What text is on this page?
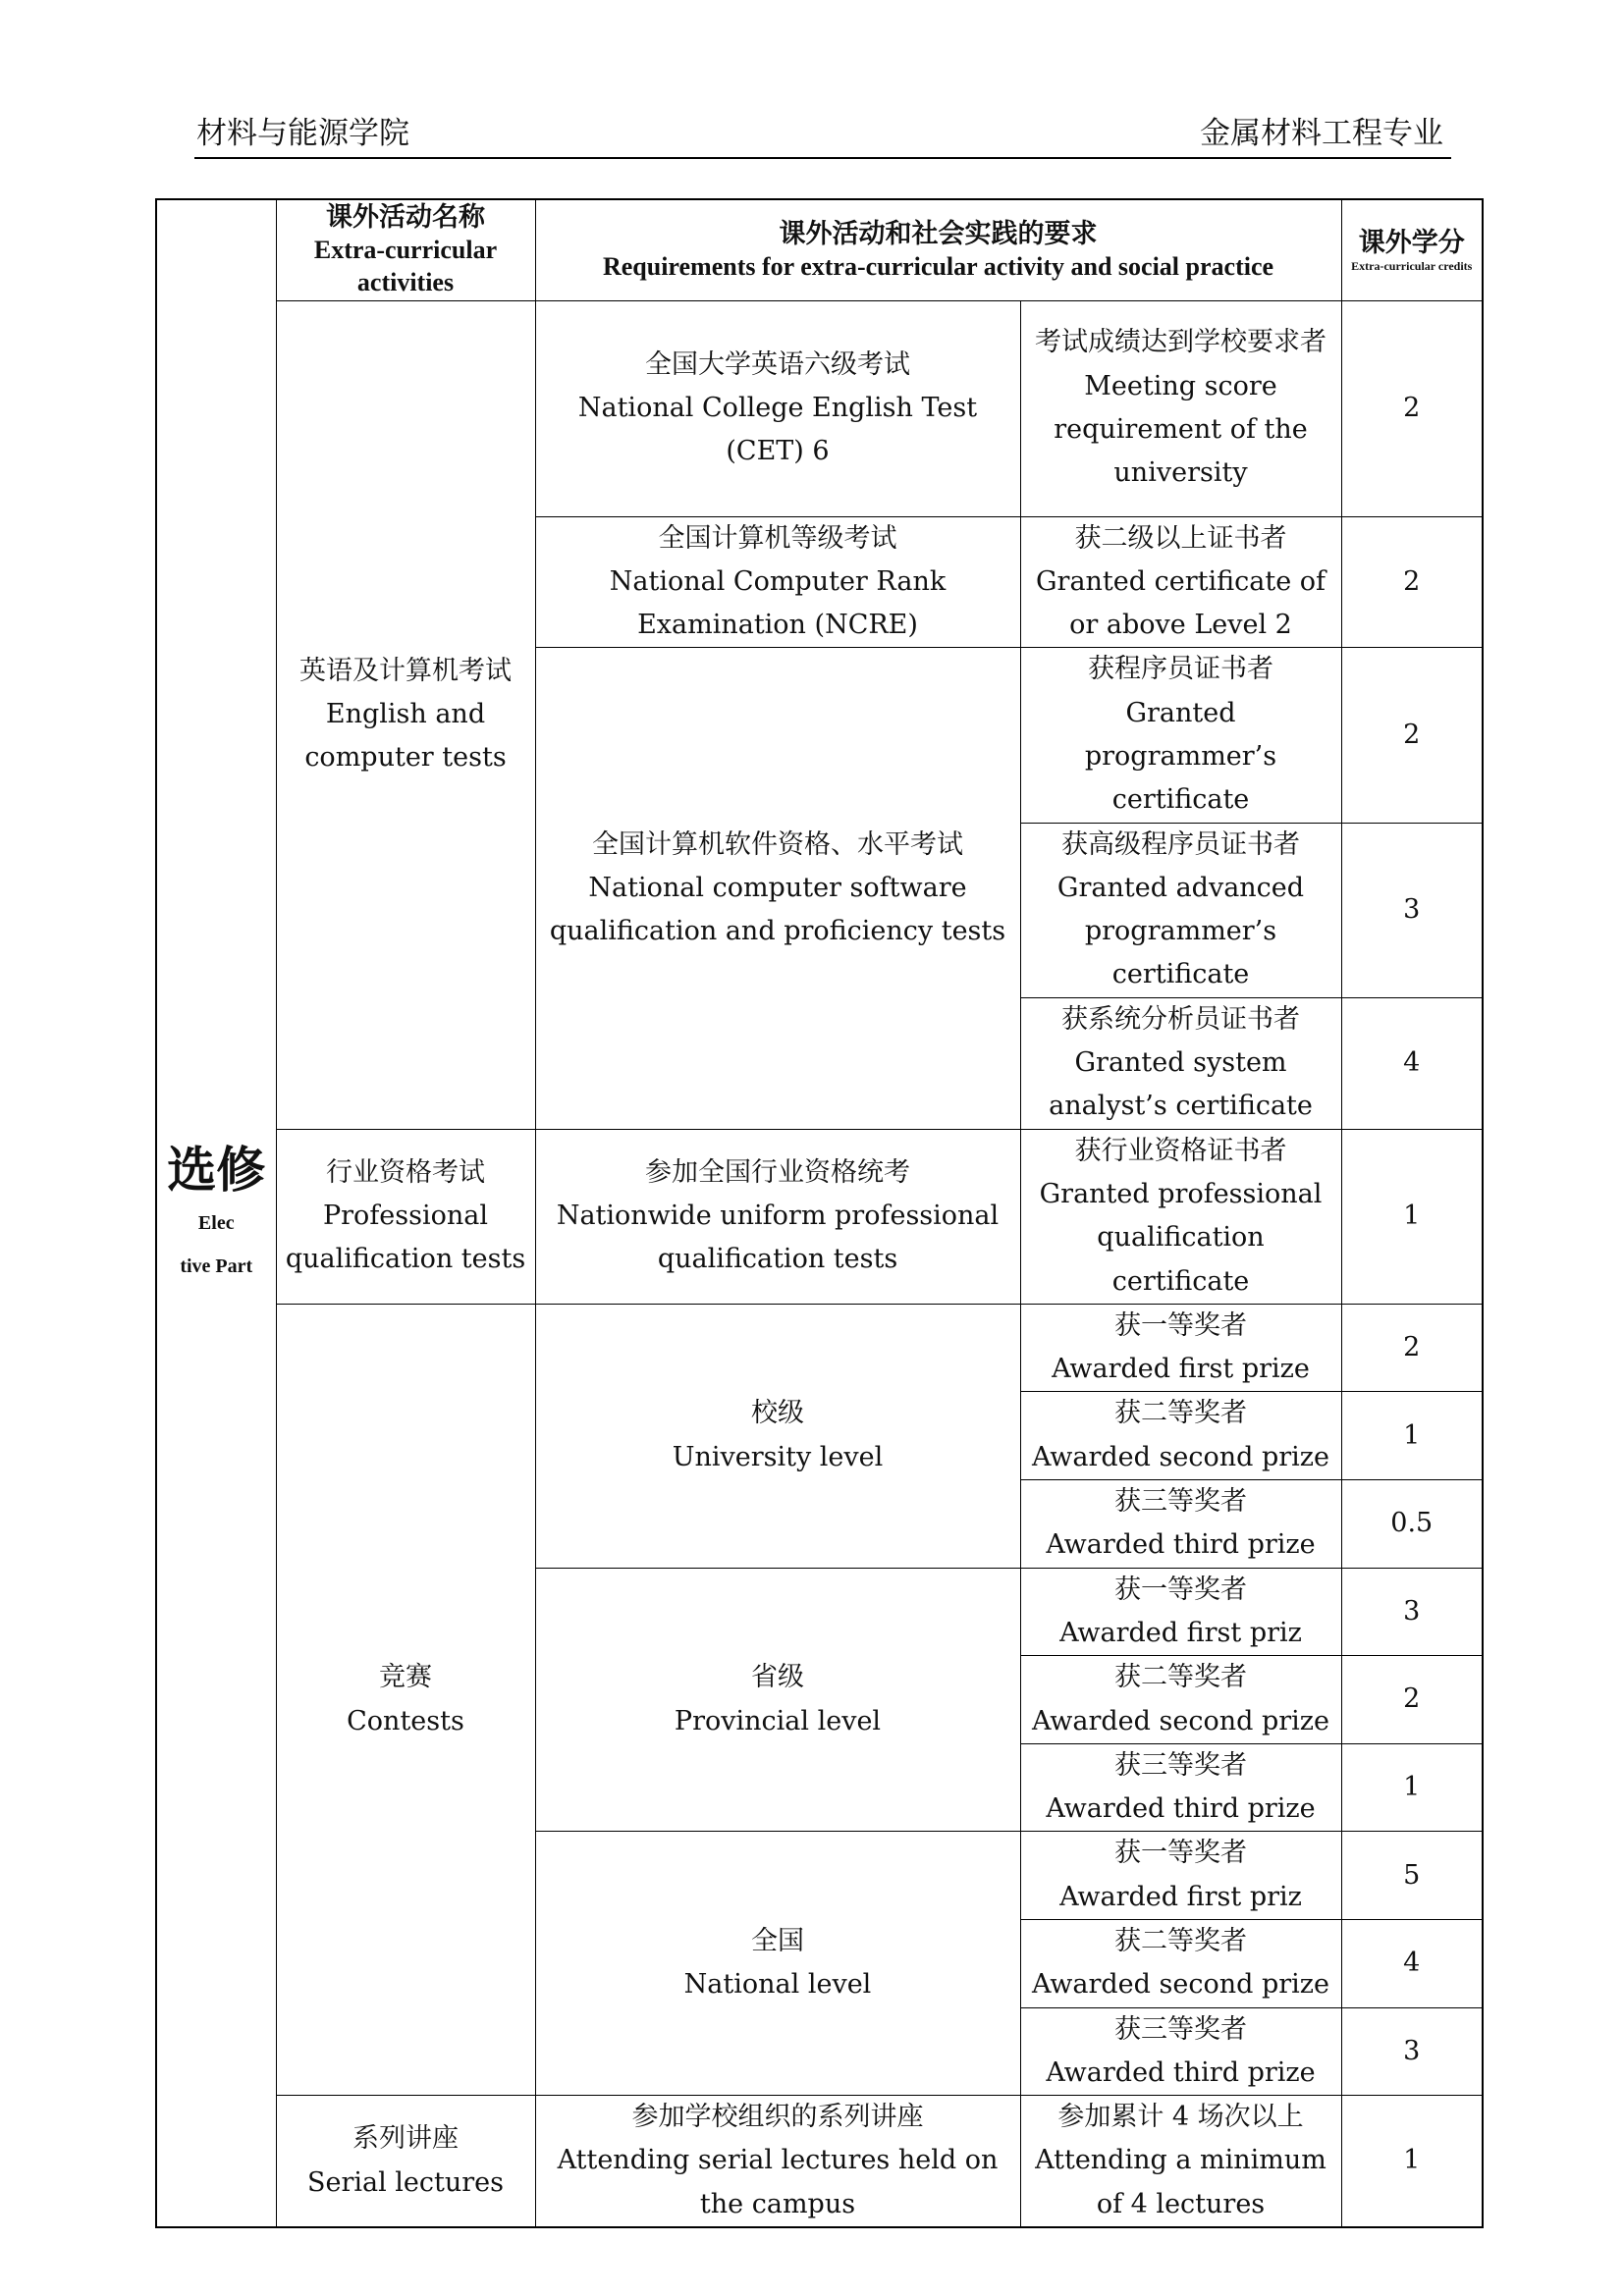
材料与能源学院	金属材料工程专业
选修
Elec
tive Part	课外活动名称
Extra-curricular activities	课外活动和社会实践的要求
Requirements for extra-curricular activity and social practice		课外学分
Extra-curricular credits

	英语及计算机考试
English and computer tests	全国大学英语六级考试
National College English Test (CET) 6	考试成绩达到学校要求者
Meeting score requirement of the university	2

		全国计算机等级考试
National Computer Rank Examination (NCRE)	获二级以上证书者
Granted certificate of or above Level 2	2

		全国计算机软件资格、水平考试
National computer software qualification and proficiency tests	获程序员证书者
Granted programmer’s certificate	2

			获高级程序员证书者
Granted advanced programmer’s certificate	3

			获系统分析员证书者
Granted system analyst’s certificate	4

	行业资格考试
Professional qualification tests	参加全国行业资格统考
Nationwide uniform professional qualification tests	获行业资格证书者
Granted professional qualification certificate	1

	竞赛
Contests	校级
University level	获一等奖者
Awarded first prize	2

			获二等奖者
Awarded second prize	1

			获三等奖者
Awarded third prize	0.5

		省级
Provincial level	获一等奖者
Awarded first priz	3

			获二等奖者
Awarded second prize	2

			获三等奖者
Awarded third prize	1

		全国
National level	获一等奖者
Awarded first priz	5

			获二等奖者
Awarded second prize	4

			获三等奖者
Awarded third prize	3

	系列讲座
Serial lectures	参加学校组织的系列讲座
Attending serial lectures held on the campus	参加累计 4 场次以上
Attending a minimum of 4 lectures	1
